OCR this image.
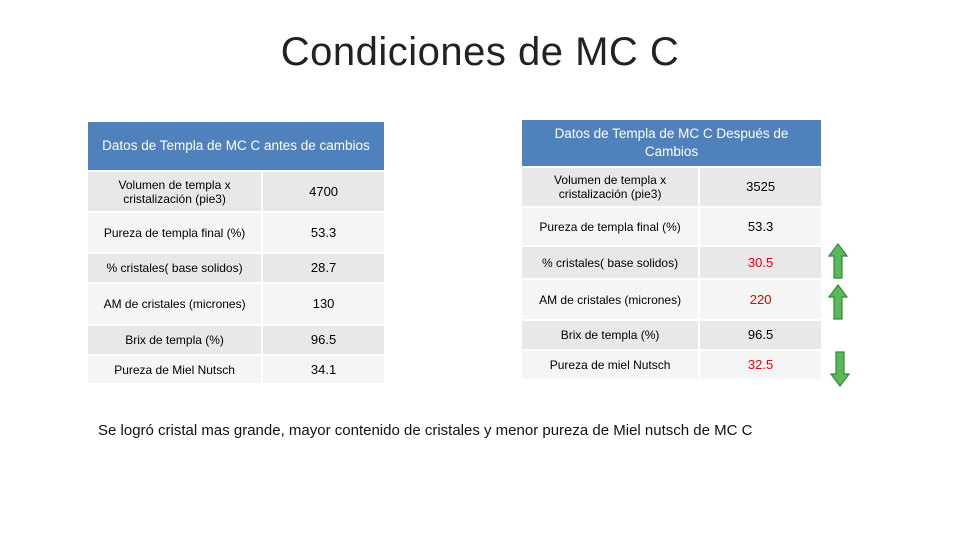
Condiciones de MC C
Datos de Templa de MC C antes de cambios	
Volumen de templa x cristalización (pie3)	4700
Pureza de templa final (%)	53.3
% cristales( base solidos)	28.7
AM de cristales (micrones)	130
Brix de templa (%)	96.5
Pureza de Miel Nutsch	34.1
Datos de Templa de MC C Después de Cambios	
Volumen de templa x cristalización (pie3)	3525
Pureza de templa final (%)	53.3
% cristales( base solidos)	30.5
AM de cristales (micrones)	220
Brix de templa (%)	96.5
Pureza de miel Nutsch	32.5
Se logró cristal mas grande, mayor contenido de cristales y menor pureza de Miel nutsch de MC C
